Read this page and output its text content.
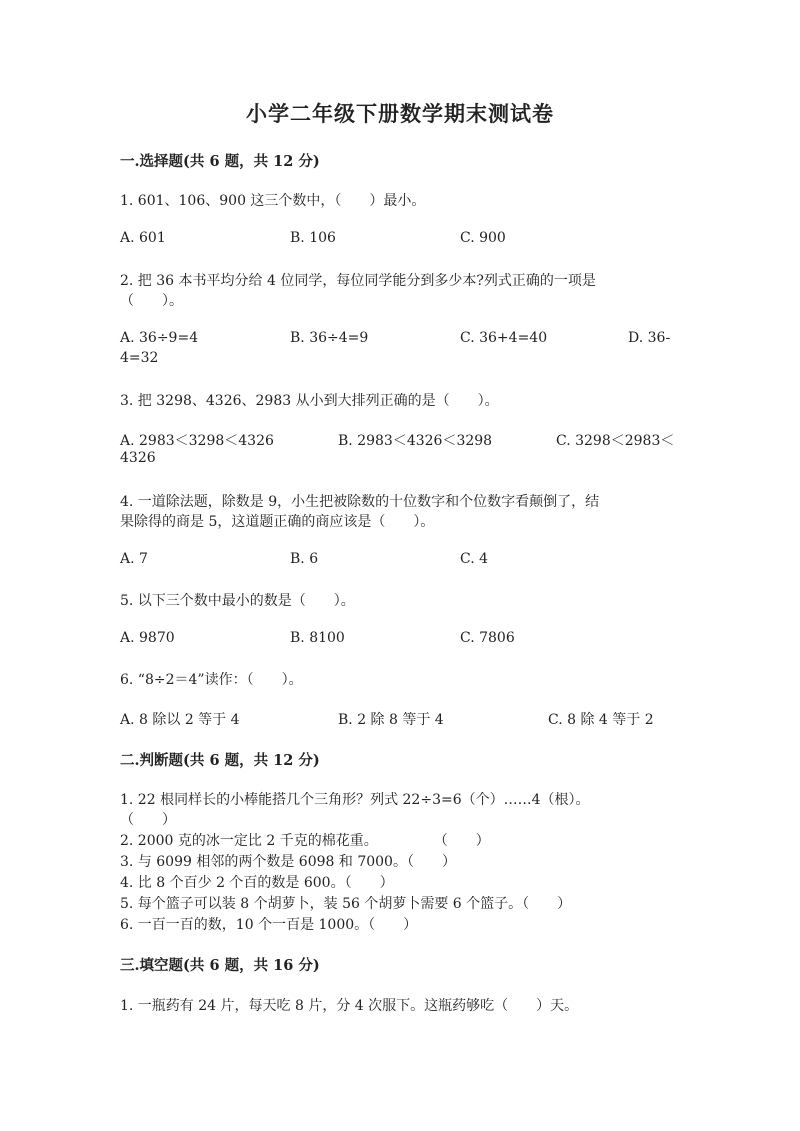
小学二年级下册数学期末测试卷
一.选择题(共 6 题，共 12 分)
1. 601、106、900 这三个数中，（　　）最小。
A. 601	B. 106	C. 900
2. 把 36 本书平均分给 4 位同学，每位同学能分到多少本?列式正确的一项是
（　　）。
A. 36÷9=4	B. 36÷4=9	C. 36+4=40	D. 36-
4=32
3. 把 3298、4326、2983 从小到大排列正确的是（　　）。
A. 2983＜3298＜4326	B. 2983＜4326＜3298	C. 3298＜2983＜
4326
4. 一道除法题，除数是 9，小生把被除数的十位数字和个位数字看颠倒了，结
果除得的商是 5，这道题正确的商应该是（　　）。
A. 7	B. 6	C. 4
5. 以下三个数中最小的数是（　　）。
A. 9870	B. 8100	C. 7806
6. “8÷2＝4”读作：（　　）。
A. 8 除以 2 等于 4	B. 2 除 8 等于 4	C. 8 除 4 等于 2
二.判断题(共 6 题，共 12 分)
1. 22 根同样长的小棒能搭几个三角形？列式 22÷3=6（个）……4（根）。
（　　）
2. 2000 克的冰一定比 2 千克的棉花重。　　　　　（　　）
3. 与 6099 相邻的两个数是 6098 和 7000。（　　）
4. 比 8 个百少 2 个百的数是 600。（　　）
5. 每个篮子可以装 8 个胡萝卜，装 56 个胡萝卜需要 6 个篮子。（　　）
6. 一百一百的数，10 个一百是 1000。（　　）
三.填空题(共 6 题，共 16 分)
1. 一瓶药有 24 片，每天吃 8 片，分 4 次服下。这瓶药够吃（　　）天。
